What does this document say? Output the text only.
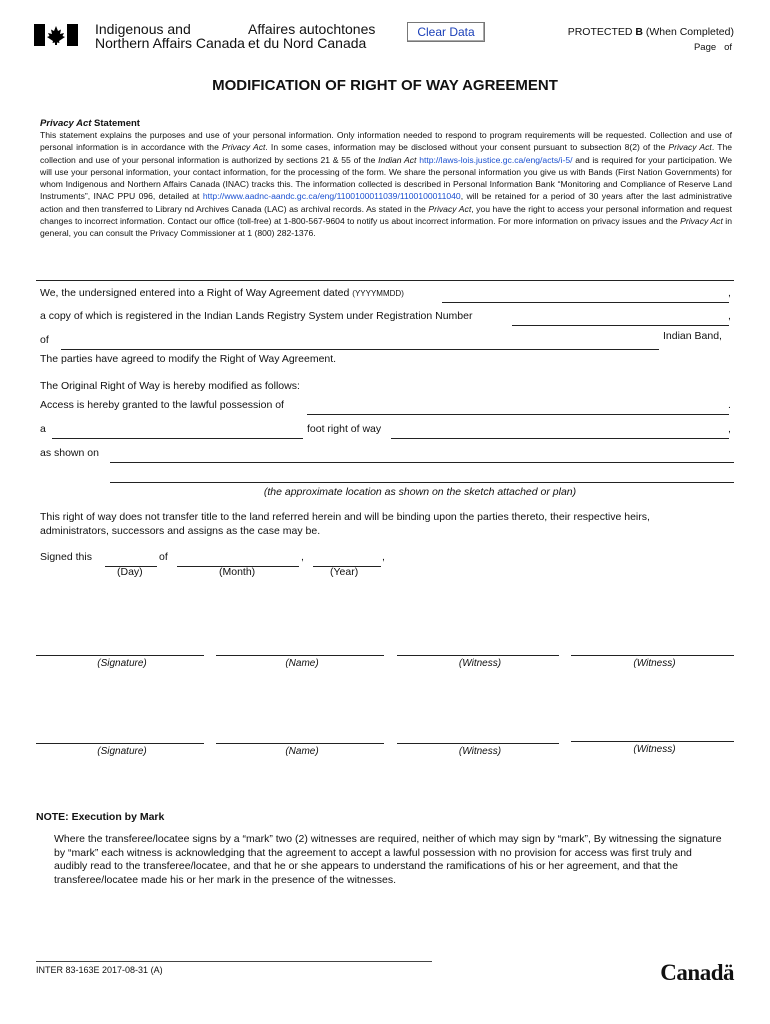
Indigenous and
Northern Affairs Canada
Affaires autochtones
et du Nord Canada
Clear Data	PROTECTED B (When Completed)
Page   of
MODIFICATION OF RIGHT OF WAY AGREEMENT
Privacy Act Statement
This statement explains the purposes and use of your personal information. Only information needed to respond to program requirements will be requested. Collection and use of personal information is in accordance with the Privacy Act. In some cases, information may be disclosed without your consent pursuant to subsection 8(2) of the Privacy Act. The collection and use of your personal information is authorized by sections 21 & 55 of the Indian Act http://laws-lois.justice.gc.ca/eng/acts/i-5/ and is required for your participation. We will use your personal information, your contact information, for the processing of the form. We share the personal information you give us with Bands (First Nation Governments) for whom Indigenous and Northern Affairs Canada (INAC) tracks this. The information collected is described in Personal Information Bank “Monitoring and Compliance of Reserve Land Instruments”, INAC PPU 096, detailed at http://www.aadnc-aandc.gc.ca/eng/1100100011039/1100100011040, will be retained for a period of 30 years after the last administrative action and then transferred to Library nd Archives Canada (LAC) as archival records. As stated in the Privacy Act, you have the right to access your personal information and request changes to incorrect information. Contact our office (toll-free) at 1-800-567-9604 to notify us about incorrect information. For more information on privacy issues and the Privacy Act in general, you can consult the Privacy Commissioner at 1 (800) 282-1376.
We, the undersigned entered into a Right of Way Agreement dated (YYYYMMDD)	,
a copy of which is registered in the Indian Lands Registry System under Registration Number	,
of	Indian Band,
The parties have agreed to modify the Right of Way Agreement.
The Original Right of Way is hereby modified as follows:
Access is hereby granted to the lawful possession of	.
a	foot right of way	,
as shown on
(the approximate location as shown on the sketch attached or plan)
This right of way does not transfer title to the land referred herein and will be binding upon the parties thereto, their respective heirs, administrators, successors and assigns as the case may be.
Signed this	of	,	,
(Day)	(Month)	(Year)
(Signature)	(Name)	(Witness)	(Witness)
(Signature)	(Name)	(Witness)	(Witness)
NOTE: Execution by Mark
Where the transferee/locatee signs by a “mark” two (2) witnesses are required, neither of which may sign by “mark”, By witnessing the signature by “mark” each witness is acknowledging that the agreement to accept a lawful possession with no provision for access was first truly and audibly read to the transferee/locatee, and that he or she appears to understand the ramifications of his or her agreement, and that the transferee/locatee made his or her mark in the presence of the witnesses.
INTER 83-163E 2017-08-31 (A)	Canadä
